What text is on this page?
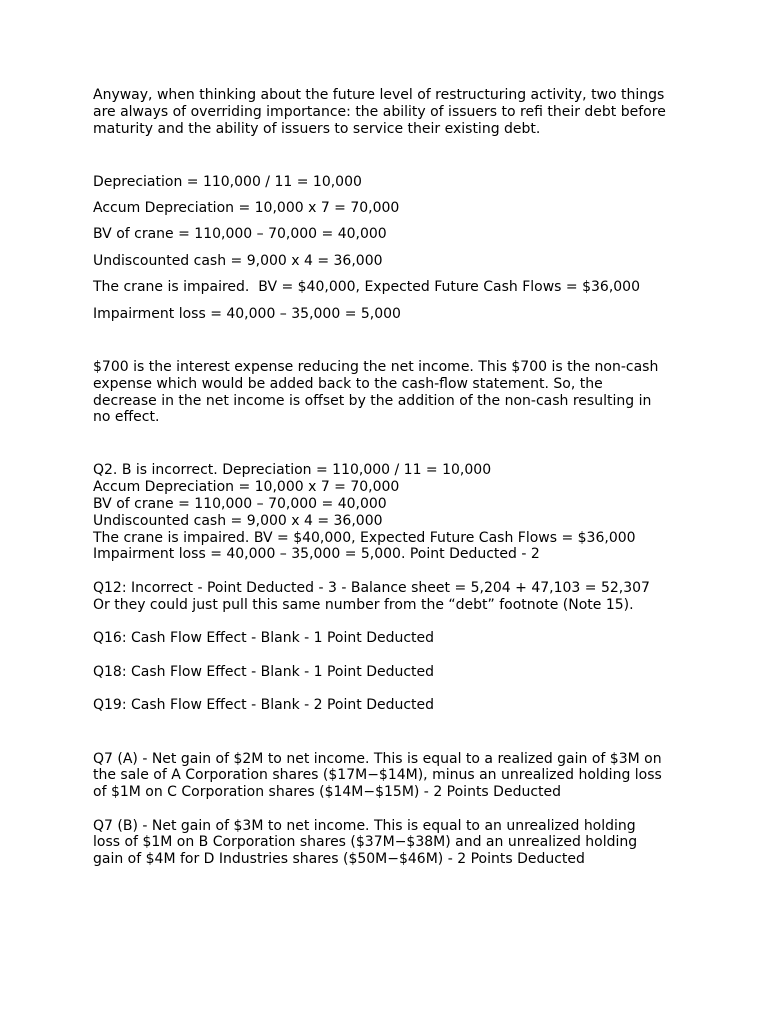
Anyway, when thinking about the future level of restructuring activity, two things
are always of overriding importance: the ability of issuers to refi their debt before
maturity and the ability of issuers to service their existing debt.
Depreciation = 110,000 / 11 = 10,000
Accum Depreciation = 10,000 x 7 = 70,000
BV of crane = 110,000 – 70,000 = 40,000
Undiscounted cash = 9,000 x 4 = 36,000
The crane is impaired.  BV = $40,000, Expected Future Cash Flows = $36,000
Impairment loss = 40,000 – 35,000 = 5,000
$700 is the interest expense reducing the net income. This $700 is the non-cash
expense which would be added back to the cash-flow statement. So, the
decrease in the net income is offset by the addition of the non-cash resulting in
no effect.
Q2. B is incorrect. Depreciation = 110,000 / 11 = 10,000
Accum Depreciation = 10,000 x 7 = 70,000
BV of crane = 110,000 – 70,000 = 40,000
Undiscounted cash = 9,000 x 4 = 36,000
The crane is impaired. BV = $40,000, Expected Future Cash Flows = $36,000
Impairment loss = 40,000 – 35,000 = 5,000. Point Deducted - 2
Q12: Incorrect - Point Deducted - 3 - Balance sheet = 5,204 + 47,103 = 52,307
Or they could just pull this same number from the “debt” footnote (Note 15).
Q16: Cash Flow Effect - Blank - 1 Point Deducted
Q18: Cash Flow Effect - Blank - 1 Point Deducted
Q19: Cash Flow Effect - Blank - 2 Point Deducted
Q7 (A) - Net gain of $2M to net income. This is equal to a realized gain of $3M on
the sale of A Corporation shares ($17M−$14M), minus an unrealized holding loss
of $1M on C Corporation shares ($14M−$15M) - 2 Points Deducted
Q7 (B) - Net gain of $3M to net income. This is equal to an unrealized holding
loss of $1M on B Corporation shares ($37M−$38M) and an unrealized holding
gain of $4M for D Industries shares ($50M−$46M) - 2 Points Deducted
